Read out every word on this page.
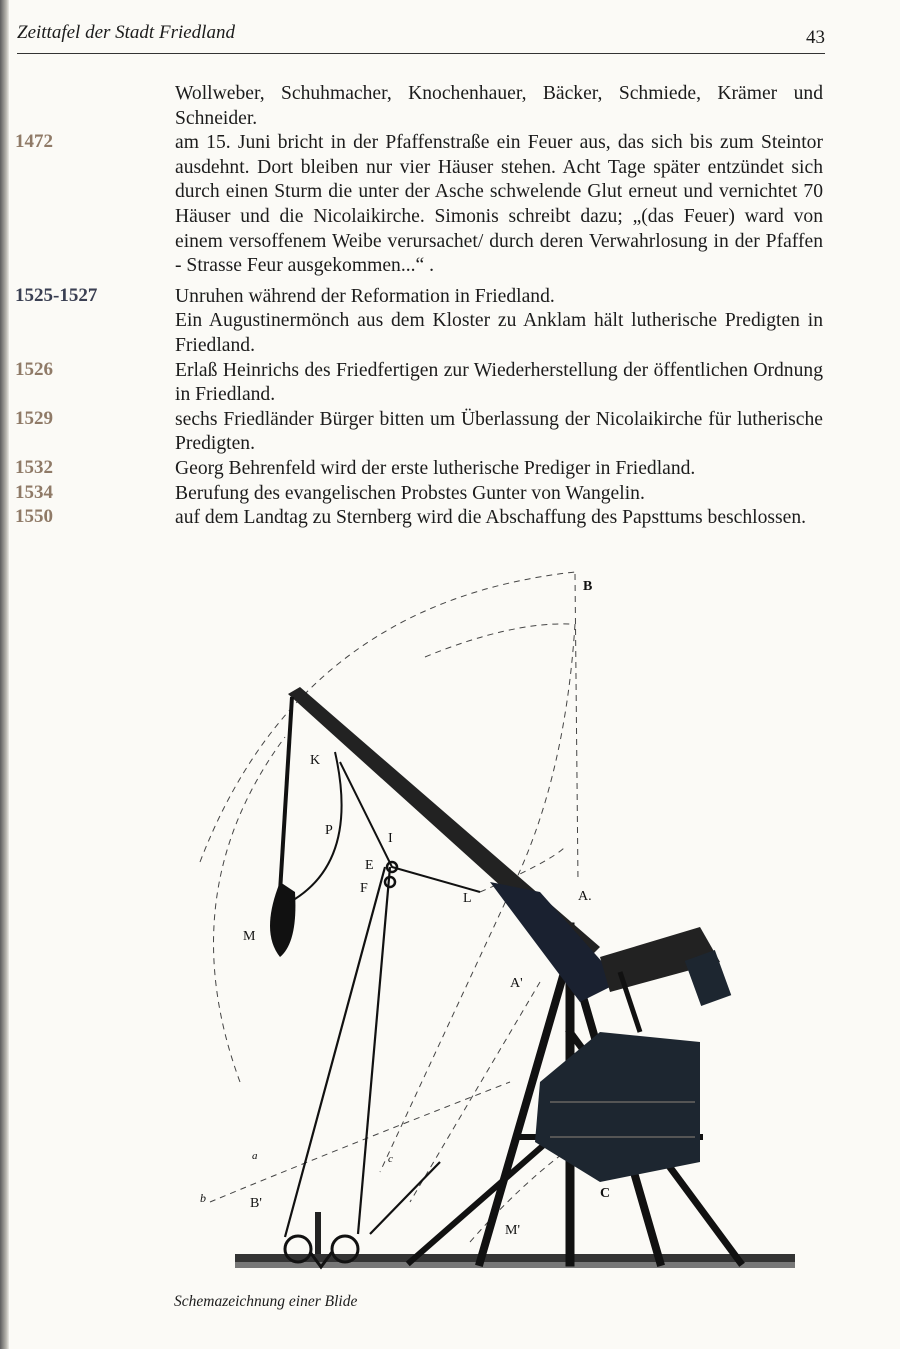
Zeittafel der Stadt Friedland	43
Wollweber, Schuhmacher, Knochenhauer, Bäcker, Schmiede, Krämer und Schneider.
1472	am 15. Juni bricht in der Pfaffenstraße ein Feuer aus, das sich bis zum Steintor ausdehnt. Dort bleiben nur vier Häuser stehen. Acht Tage später entzündet sich durch einen Sturm die unter der Asche schwelende Glut erneut und vernichtet 70 Häuser und die Nicolaikirche. Simonis schreibt dazu; „(das Feuer) ward von einem versoffenem Weibe verursachet/ durch deren Verwahrlosung in der Pfaffen - Strasse Feur ausgekommen...“ .
1525-1527	Unruhen während der Reformation in Friedland.
Ein Augustinermönch aus dem Kloster zu Anklam hält lutherische Predigten in Friedland.
1526	Erlaß Heinrichs des Friedfertigen zur Wiederherstellung der öffentlichen Ordnung in Friedland.
1529	sechs Friedländer Bürger bitten um Überlassung der Nicolaikirche für lutherische Predigten.
1532	Georg Behrenfeld wird der erste lutherische Prediger in Friedland.
1534	Berufung des evangelischen Probstes Gunter von Wangelin.
1550	auf dem Landtag zu Sternberg wird die Abschaffung des Papsttums beschlossen.
B
K
P
I
E
F
L	A.
A'
M
C
B'
M'
a
b
c
Schemazeichnung einer Blide
